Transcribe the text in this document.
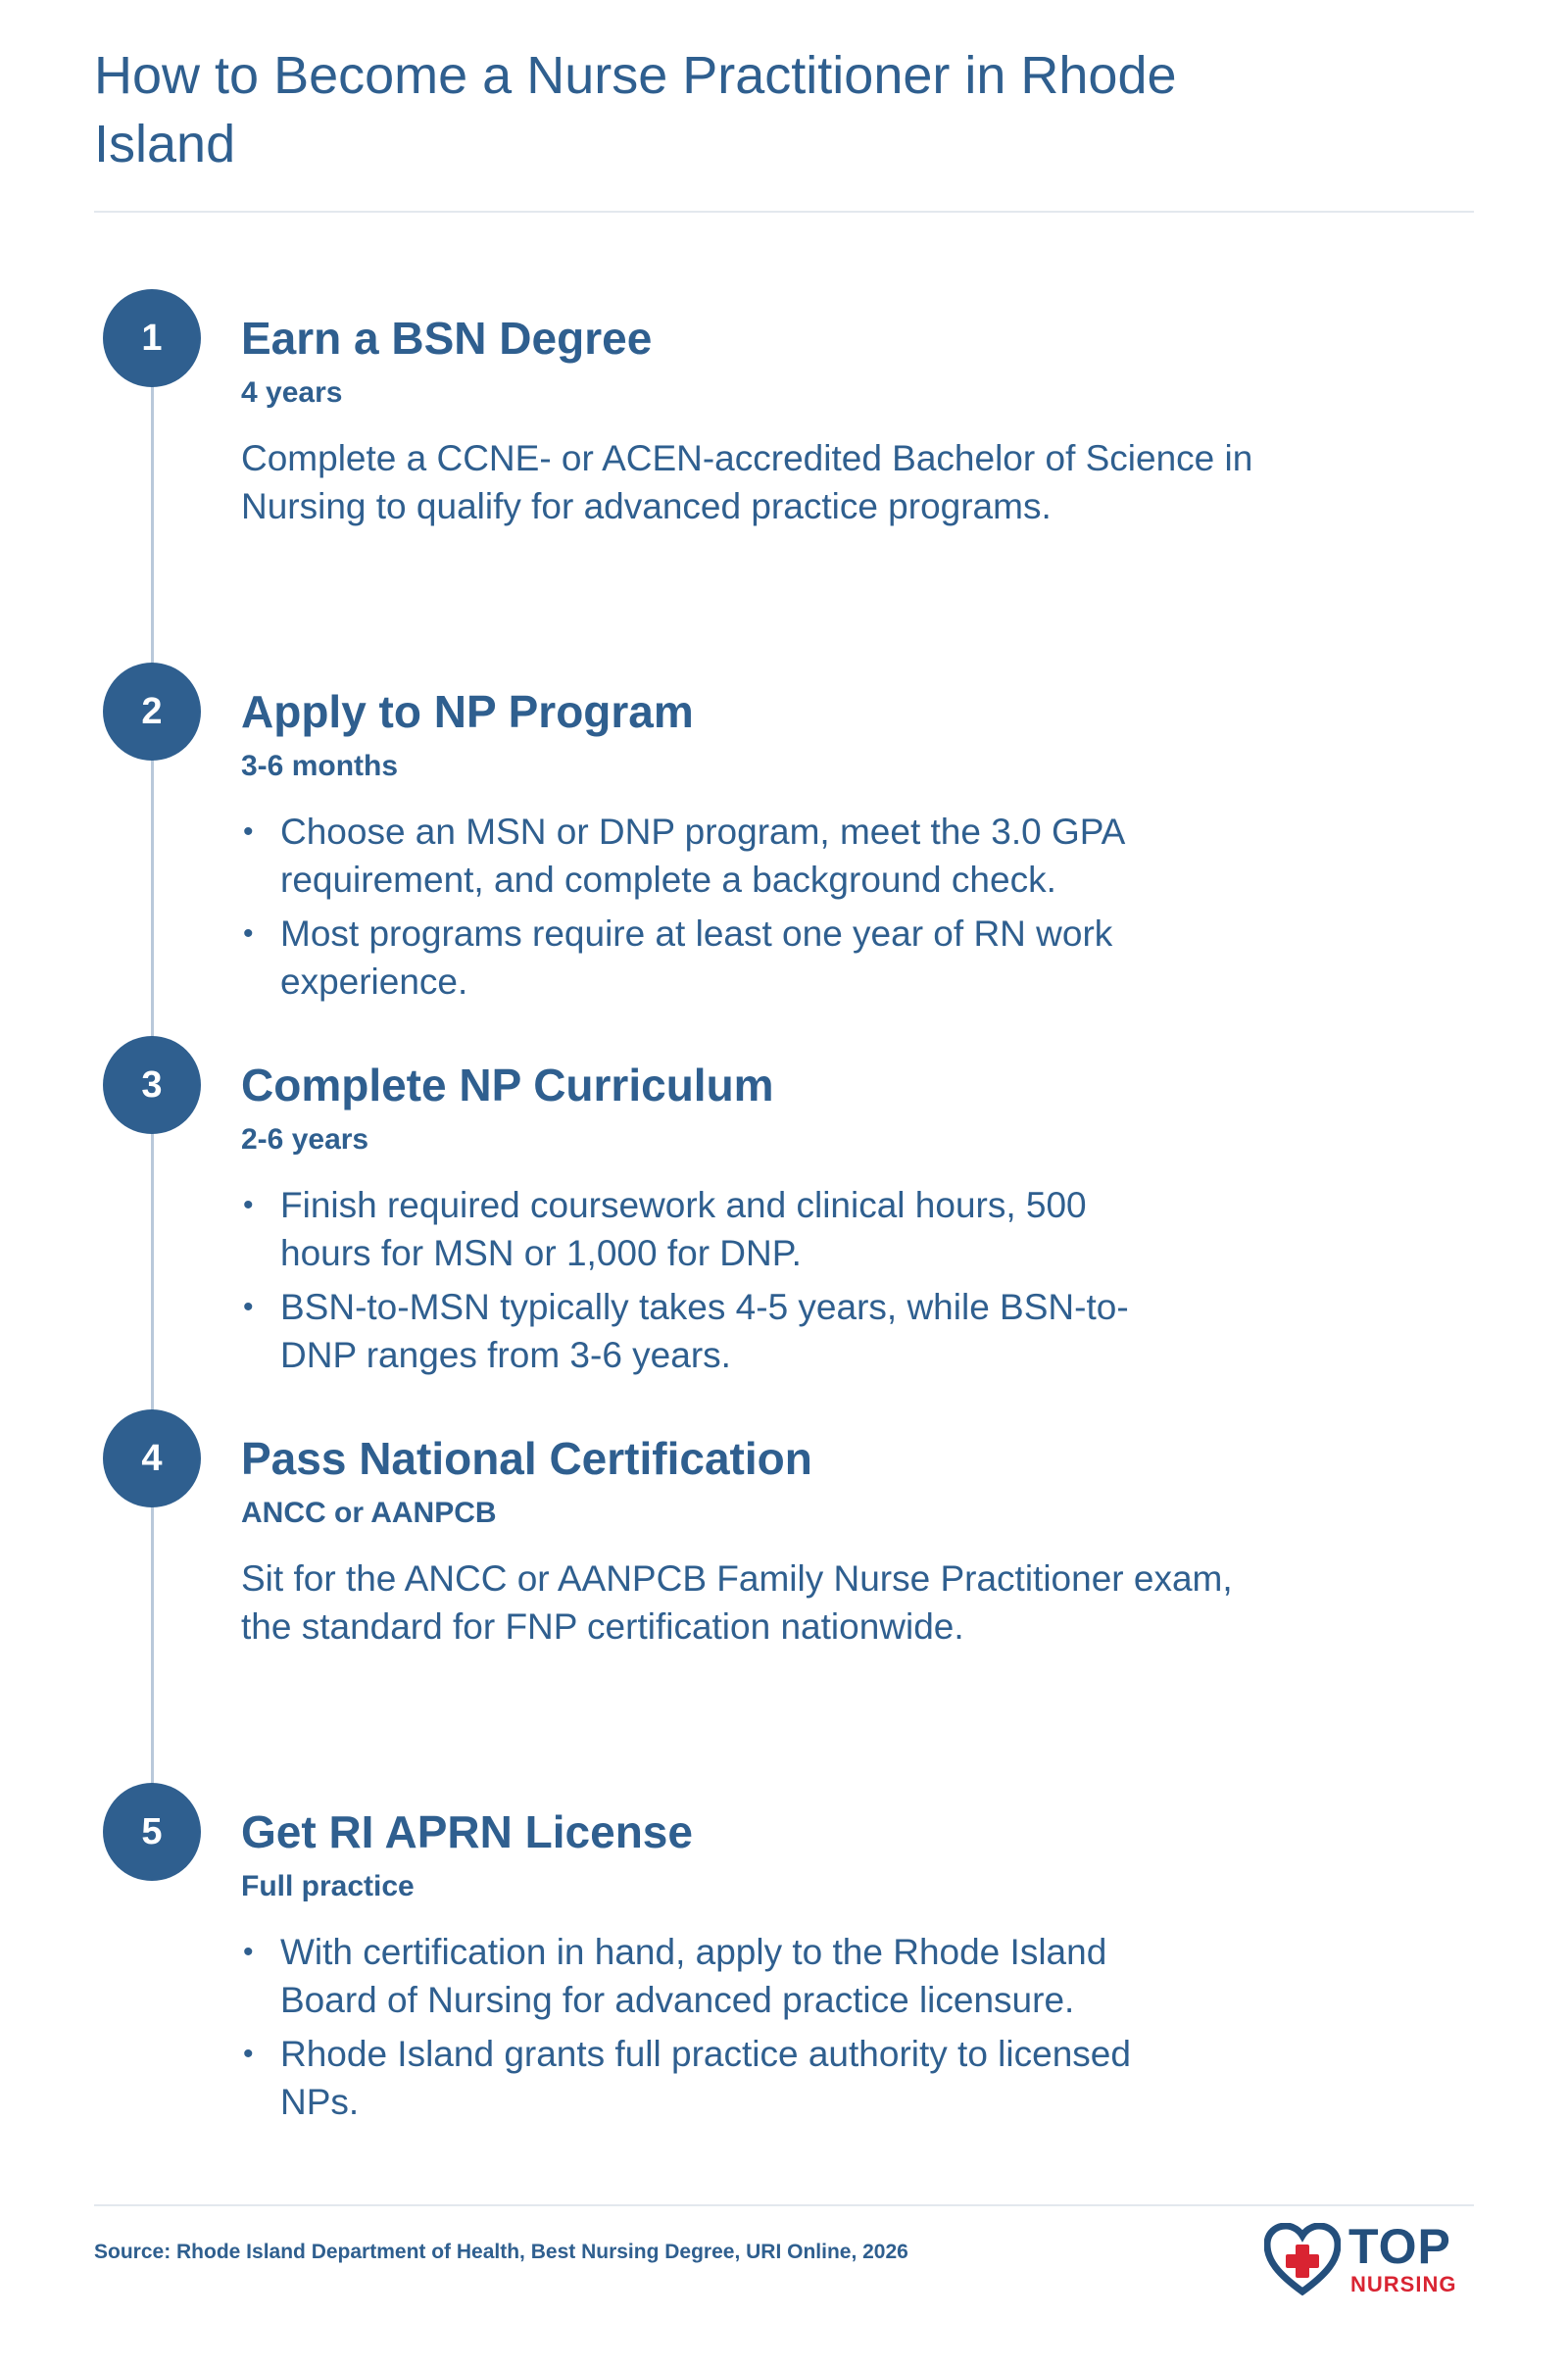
How to Become a Nurse Practitioner in Rhode Island
1	Earn a BSN Degree
4 years
Complete a CCNE- or ACEN-accredited Bachelor of Science in Nursing to qualify for advanced practice programs.
2	Apply to NP Program
3-6 months
• Choose an MSN or DNP program, meet the 3.0 GPA requirement, and complete a background check.
• Most programs require at least one year of RN work experience.
3	Complete NP Curriculum
2-6 years
• Finish required coursework and clinical hours, 500 hours for MSN or 1,000 for DNP.
• BSN-to-MSN typically takes 4-5 years, while BSN-to-DNP ranges from 3-6 years.
4	Pass National Certification
ANCC or AANPCB
Sit for the ANCC or AANPCB Family Nurse Practitioner exam, the standard for FNP certification nationwide.
5	Get RI APRN License
Full practice
• With certification in hand, apply to the Rhode Island Board of Nursing for advanced practice licensure.
• Rhode Island grants full practice authority to licensed NPs.
Source: Rhode Island Department of Health, Best Nursing Degree, URI Online, 2026	TOP
NURSING
